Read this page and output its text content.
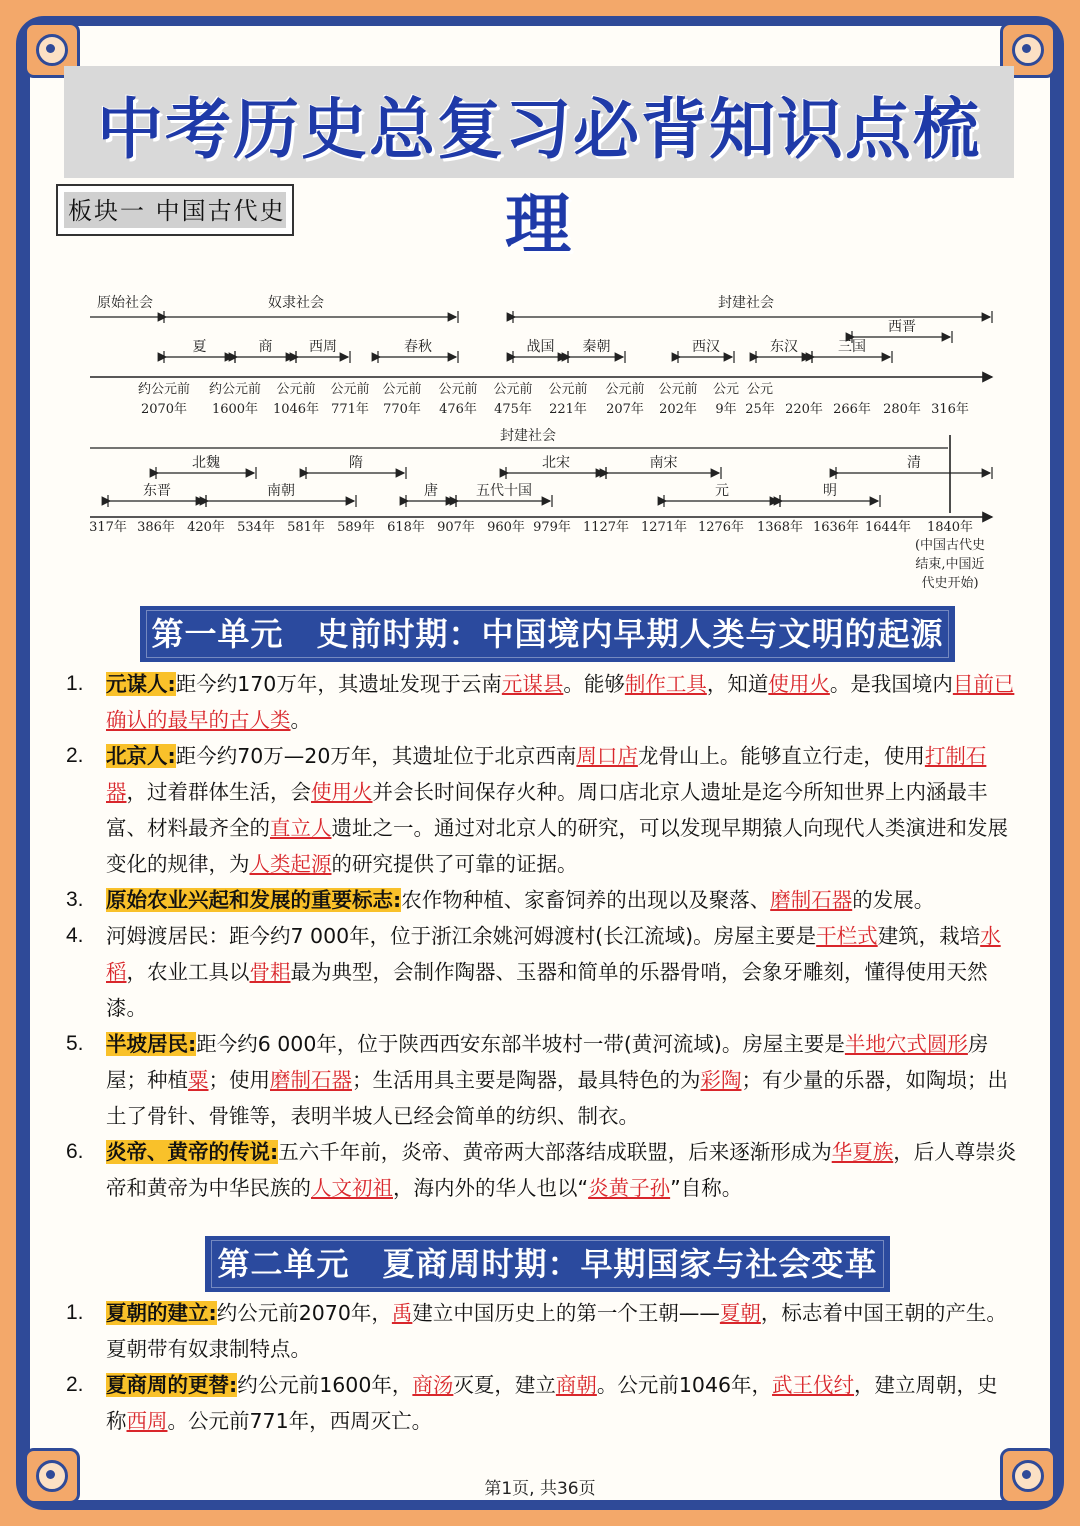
中考历史总复习必背知识点梳理
板块一 中国古代史
原始社会	奴隶社会	封建社会
夏	商	西周	春秋	战国 秦朝	西汉	东汉	三国
西晋
约公元前
2070年
约公元前
1600年
公元前
1046年
公元前
771年
公元前
770年
公元前
476年
公元前
475年
公元前
221年
公元前
207年
公元前
202年
公元
9年
公元
25年 220年 266年 280年 316年
封建社会
北魏	隋	北宋	南宋	清
东晋	南朝	唐	五代十国	元	明
317年 386年 420年 534年 581年 589年 618年 907年 960年 979年 1127年 1271年 1276年 1368年 1636年 1644年 1840年
(中国古代史
结束,中国近
代史开始)
第一单元　史前时期：中国境内早期人类与文明的起源
1. 元谋人:距今约170万年，其遗址发现于云南元谋县。能够制作工具，知道使用火。是我国境内目前已确认的最早的古人类。
2. 北京人:距今约70万—20万年，其遗址位于北京西南周口店龙骨山上。能够直立行走，使用打制石器，过着群体生活，会使用火并会长时间保存火种。周口店北京人遗址是迄今所知世界上内涵最丰富、材料最齐全的直立人遗址之一。通过对北京人的研究，可以发现早期猿人向现代人类演进和发展变化的规律，为人类起源的研究提供了可靠的证据。
3. 原始农业兴起和发展的重要标志:农作物种植、家畜饲养的出现以及聚落、磨制石器的发展。
4. 河姆渡居民：距今约7 000年，位于浙江余姚河姆渡村(长江流域)。房屋主要是干栏式建筑，栽培水稻，农业工具以骨耜最为典型，会制作陶器、玉器和简单的乐器骨哨，会象牙雕刻，懂得使用天然漆。
5. 半坡居民:距今约6 000年，位于陕西西安东部半坡村一带(黄河流域)。房屋主要是半地穴式圆形房屋；种植粟；使用磨制石器；生活用具主要是陶器，最具特色的为彩陶；有少量的乐器，如陶埙；出土了骨针、骨锥等，表明半坡人已经会简单的纺织、制衣。
6. 炎帝、黄帝的传说:五六千年前，炎帝、黄帝两大部落结成联盟，后来逐渐形成为华夏族，后人尊崇炎帝和黄帝为中华民族的人文初祖，海内外的华人也以“炎黄子孙”自称。
第二单元　夏商周时期：早期国家与社会变革
1. 夏朝的建立:约公元前2070年，禹建立中国历史上的第一个王朝——夏朝，标志着中国王朝的产生。夏朝带有奴隶制特点。
2. 夏商周的更替:约公元前1600年，商汤灭夏，建立商朝。公元前1046年，武王伐纣，建立周朝，史称西周。公元前771年，西周灭亡。
第1页, 共36页
